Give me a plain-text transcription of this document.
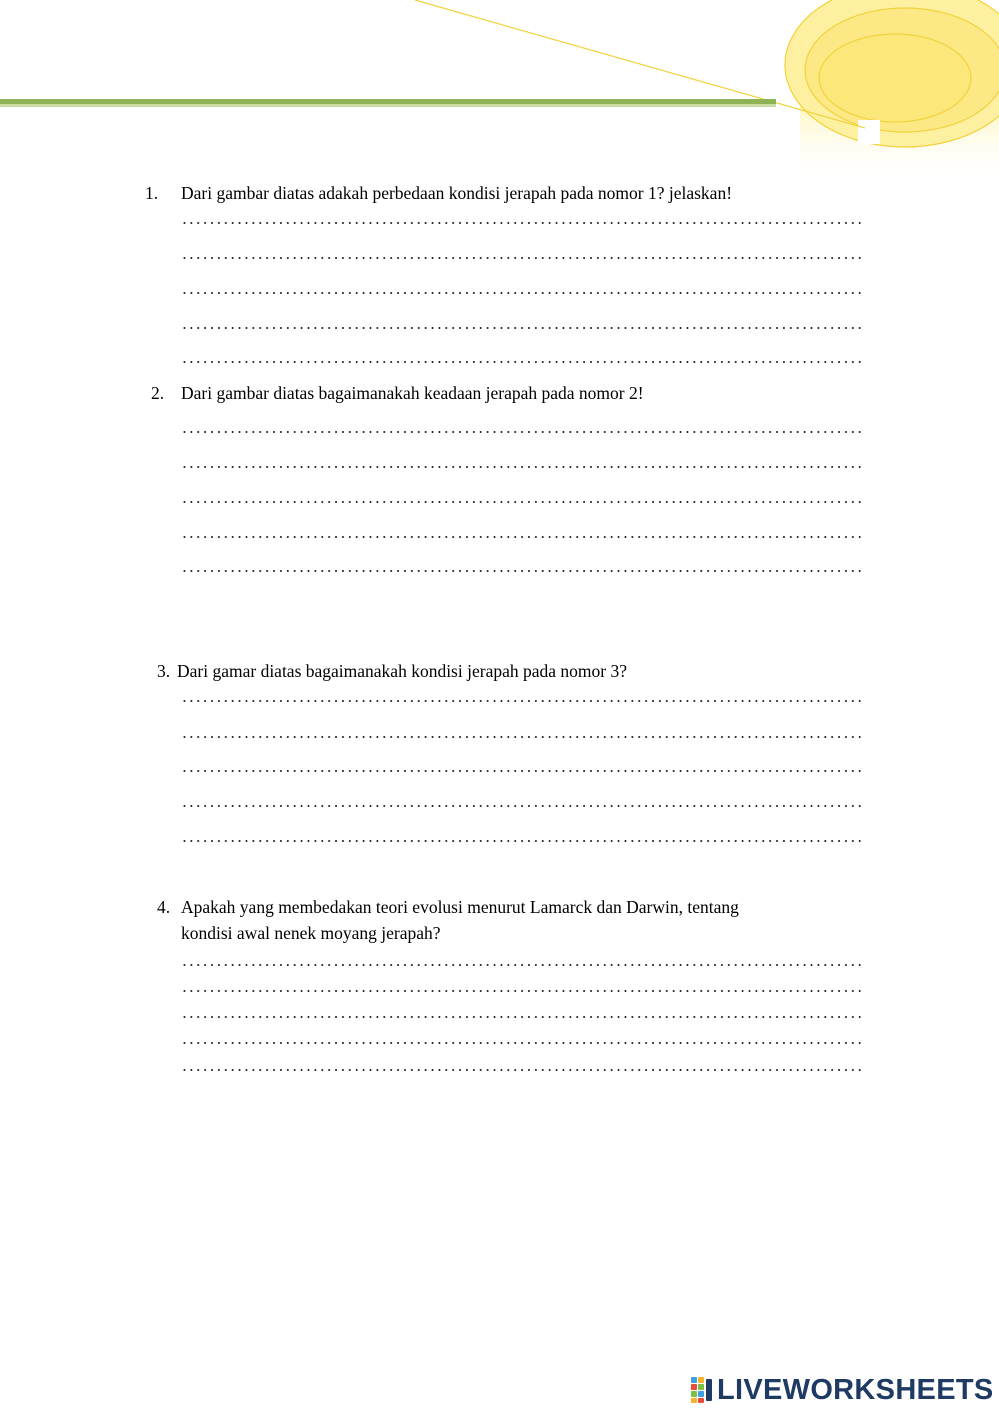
1. Dari gambar diatas adakah perbedaan kondisi jerapah pada nomor 1? jelaskan!
2. Dari gambar diatas bagaimanakah keadaan jerapah pada nomor 2!
3. Dari gamar diatas bagaimanakah kondisi jerapah pada nomor 3?
4. Apakah yang membedakan teori evolusi menurut Lamarck dan Darwin, tentang
kondisi awal nenek moyang jerapah?
LIVEWORKSHEETS
